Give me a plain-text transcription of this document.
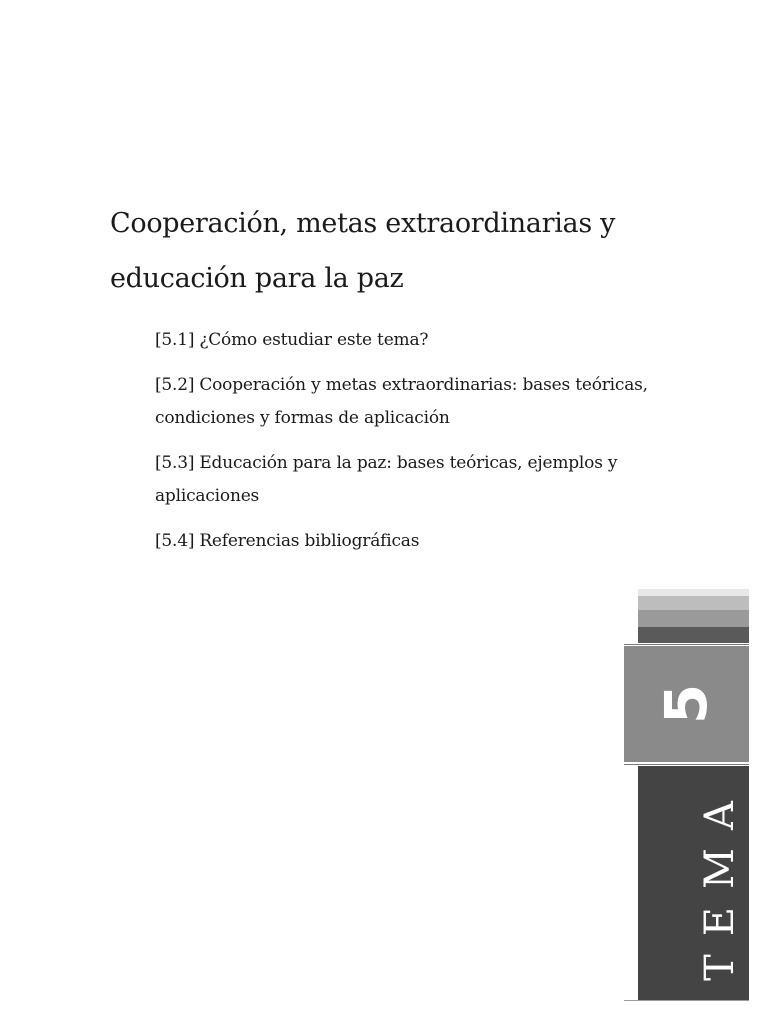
Cooperación, metas extraordinarias y educación para la paz
[5.1] ¿Cómo estudiar este tema?
[5.2] Cooperación y metas extraordinarias: bases teóricas, condiciones y formas de aplicación
[5.3] Educación para la paz: bases teóricas, ejemplos y aplicaciones
[5.4] Referencias bibliográficas
5
TEMA
